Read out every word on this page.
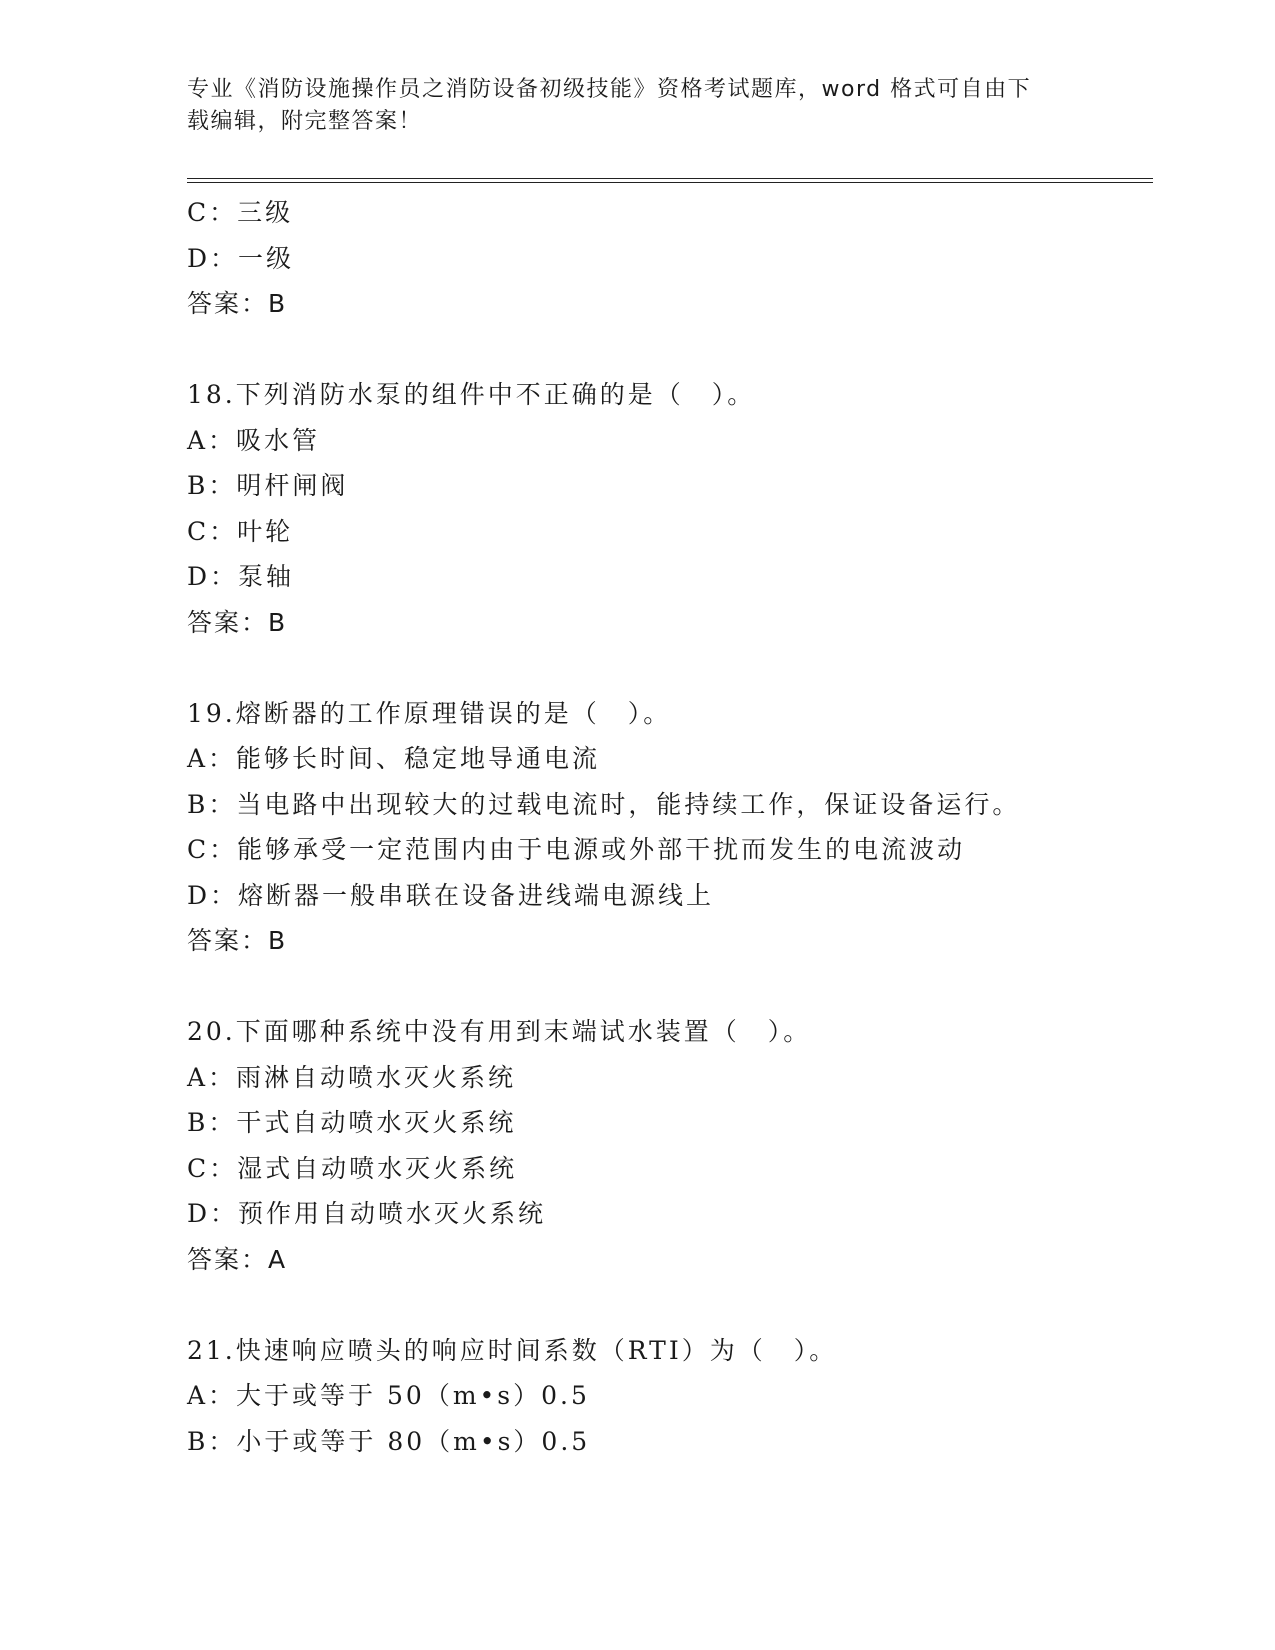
专业《消防设施操作员之消防设备初级技能》资格考试题库，word 格式可自由下
载编辑，附完整答案！
C：三级
D：一级
答案：B
18.下列消防水泵的组件中不正确的是（　）。
A：吸水管
B：明杆闸阀
C：叶轮
D：泵轴
答案：B
19.熔断器的工作原理错误的是（　）。
A：能够长时间、稳定地导通电流
B：当电路中出现较大的过载电流时，能持续工作，保证设备运行。
C：能够承受一定范围内由于电源或外部干扰而发生的电流波动
D：熔断器一般串联在设备进线端电源线上
答案：B
20.下面哪种系统中没有用到末端试水装置（　）。
A：雨淋自动喷水灭火系统
B：干式自动喷水灭火系统
C：湿式自动喷水灭火系统
D：预作用自动喷水灭火系统
答案：A
21.快速响应喷头的响应时间系数（RTI）为（　）。
A：大于或等于 50（m•s）0.5
B：小于或等于 80（m•s）0.5
